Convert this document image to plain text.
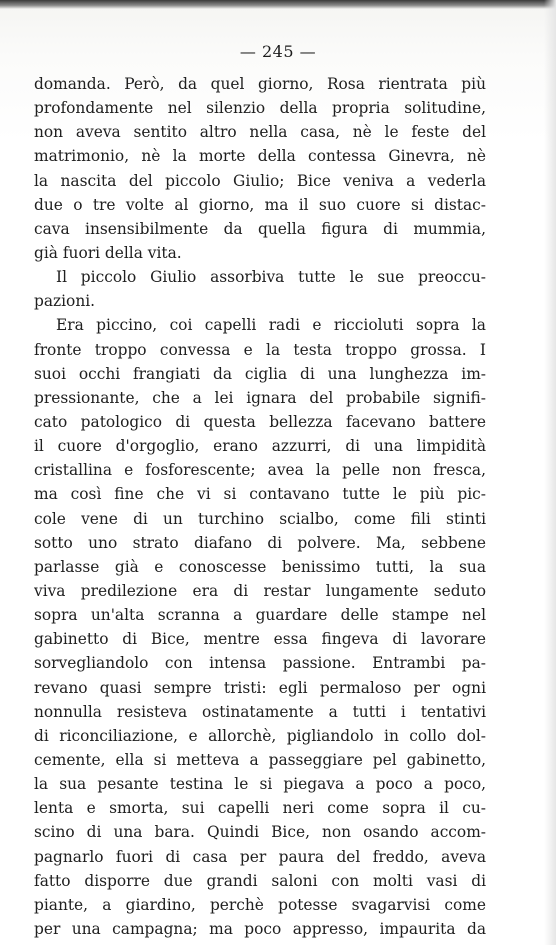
— 245 —
domanda. Però, da quel giorno, Rosa rientrata più
profondamente nel silenzio della propria solitudine,
non aveva sentito altro nella casa, nè le feste del
matrimonio, nè la morte della contessa Ginevra, nè
la nascita del piccolo Giulio; Bice veniva a vederla
due o tre volte al giorno, ma il suo cuore si distac-
cava insensibilmente da quella figura di mummia,
già fuori della vita.
Il piccolo Giulio assorbiva tutte le sue preoccu-
pazioni.
Era piccino, coi capelli radi e riccioluti sopra la
fronte troppo convessa e la testa troppo grossa. I
suoi occhi frangiati da ciglia di una lunghezza im-
pressionante, che a lei ignara del probabile signifi-
cato patologico di questa bellezza facevano battere
il cuore d'orgoglio, erano azzurri, di una limpidità
cristallina e fosforescente; avea la pelle non fresca,
ma così fine che vi si contavano tutte le più pic-
cole vene di un turchino scialbo, come fili stinti
sotto uno strato diafano di polvere. Ma, sebbene
parlasse già e conoscesse benissimo tutti, la sua
viva predilezione era di restar lungamente seduto
sopra un'alta scranna a guardare delle stampe nel
gabinetto di Bice, mentre essa fingeva di lavorare
sorvegliandolo con intensa passione. Entrambi pa-
revano quasi sempre tristi: egli permaloso per ogni
nonnulla resisteva ostinatamente a tutti i tentativi
di riconciliazione, e allorchè, pigliandolo in collo dol-
cemente, ella si metteva a passeggiare pel gabinetto,
la sua pesante testina le si piegava a poco a poco,
lenta e smorta, sui capelli neri come sopra il cu-
scino di una bara. Quindi Bice, non osando accom-
pagnarlo fuori di casa per paura del freddo, aveva
fatto disporre due grandi saloni con molti vasi di
piante, a giardino, perchè potesse svagarvisi come
per una campagna; ma poco appresso, impaurita da
